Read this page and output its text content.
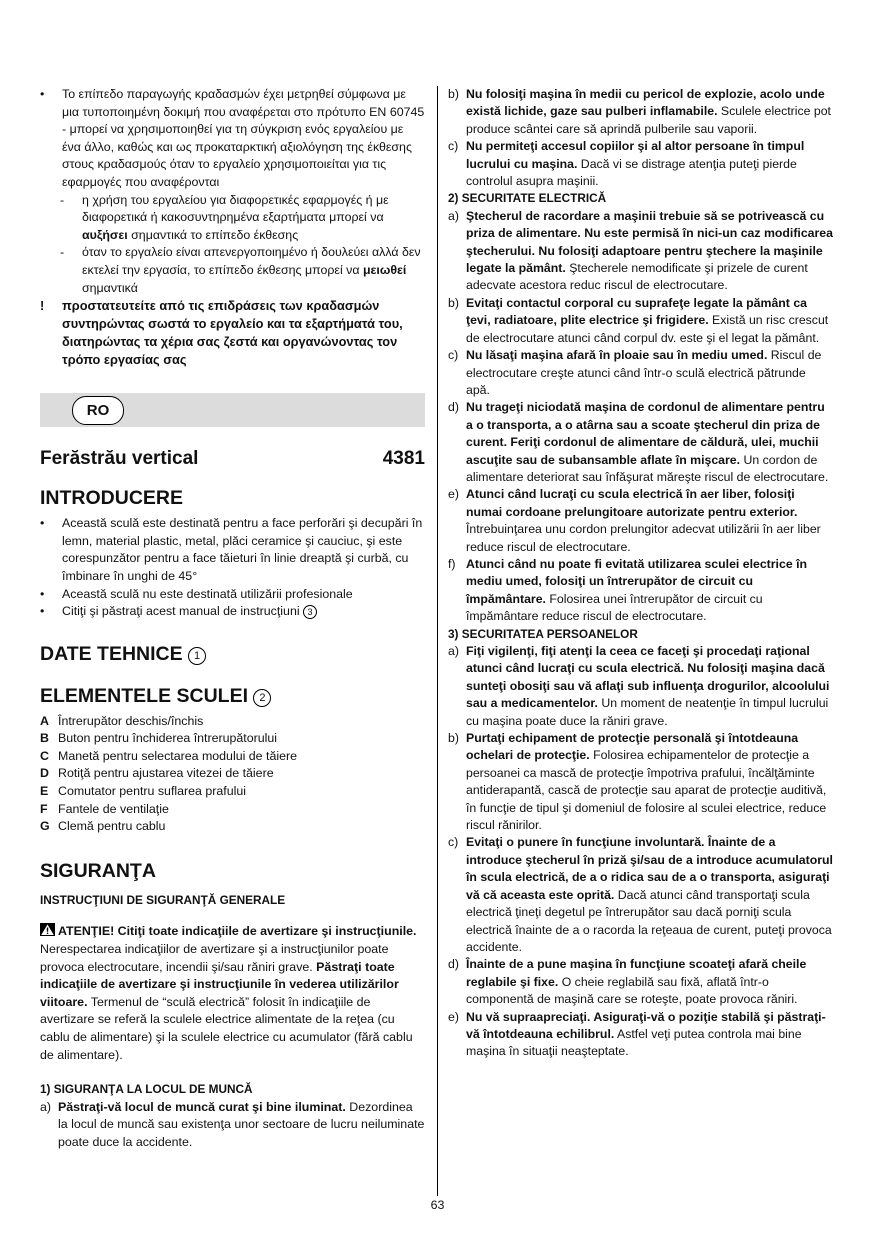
• Το επίπεδο παραγωγής κραδασμών έχει μετρηθεί σύμφωνα με μια τυποποιημένη δοκιμή που αναφέρεται στο πρότυπο EN 60745 - μπορεί να χρησιμοποιηθεί για τη σύγκριση ενός εργαλείου με ένα άλλο, καθώς και ως προκαταρκτική αξιολόγηση της έκθεσης στους κραδασμούς όταν το εργαλείο χρησιμοποιείται για τις εφαρμογές που αναφέρονται

- η χρήση του εργαλείου για διαφορετικές εφαρμογές ή με διαφορετικά ή κακοσυντηρημένα εξαρτήματα μπορεί να αυξήσει σημαντικά το επίπεδο έκθεσης

- όταν το εργαλείο είναι απενεργοποιημένο ή δουλεύει αλλά δεν εκτελεί την εργασία, το επίπεδο έκθεσης μπορεί να μειωθεί σημαντικά

! προστατευτείτε από τις επιδράσεις των κραδασμών συντηρώντας σωστά το εργαλείο και τα εξαρτήματά του, διατηρώντας τα χέρια σας ζεστά και οργανώνοντας τον τρόπο εργασίας σας

RO
Ferăstrău vertical	4381
INTRODUCERE
• Această sculă este destinată pentru a face perforări şi decupări în lemn, material plastic, metal, plăci ceramice şi cauciuc, şi este corespunzător pentru a face tăieturi în linie dreaptă şi curbă, cu îmbinare în unghi de 45°

• Această sculă nu este destinată utilizării profesionale

• Citiţi şi păstraţi acest manual de instrucţiuni 3

DATE TEHNICE 1
ELEMENTELE SCULEI 2
A Întrerupător deschis/închis
B Buton pentru închiderea întrerupătorului
C Manetă pentru selectarea modului de tăiere
D Rotiţă pentru ajustarea vitezei de tăiere
E Comutator pentru suflarea prafului
F Fantele de ventilaţie
G Clemă pentru cablu
SIGURANŢA

INSTRUCŢIUNI DE SIGURANŢĂ GENERALE

ATENŢIE! Citiţi toate indicaţiile de avertizare şi instrucţiunile. Nerespectarea indicaţiilor de avertizare şi a instrucţiunilor poate provoca electrocutare, incendii şi/sau răniri grave. Păstraţi toate indicaţiile de avertizare şi instrucţiunile în vederea utilizărilor viitoare. Termenul de “sculă electrică” folosit în indicaţiile de avertizare se referă la sculele electrice alimentate de la reţea (cu cablu de alimentare) şi la sculele electrice cu acumulator (fără cablu de alimentare).

1) SIGURANŢA LA LOCUL DE MUNCĂ

a) Păstraţi-vă locul de muncă curat şi bine iluminat. Dezordinea la locul de muncă sau existenţa unor sectoare de lucru neiluminate poate duce la accidente.

b) Nu folosiţi maşina în medii cu pericol de explozie, acolo unde există lichide, gaze sau pulberi inflamabile. Sculele electrice pot produce scântei care să aprindă pulberile sau vaporii.

c) Nu permiteţi accesul copiilor şi al altor persoane în timpul lucrului cu maşina. Dacă vi se distrage atenţia puteţi pierde controlul asupra maşinii.

2) SECURITATE ELECTRICĂ

a) Ştecherul de racordare a maşinii trebuie să se potrivească cu priza de alimentare. Nu este permisă în nici-un caz modificarea ştecherului. Nu folosiţi adaptoare pentru ştechere la maşinile legate la pământ. Ştecherele nemodificate şi prizele de curent adecvate acestora reduc riscul de electrocutare.

b) Evitaţi contactul corporal cu suprafeţe legate la pământ ca ţevi, radiatoare, plite electrice şi frigidere. Există un risc crescut de electrocutare atunci când corpul dv. este şi el legat la pământ.

c) Nu lăsaţi maşina afară în ploaie sau în mediu umed. Riscul de electrocutare creşte atunci când într-o sculă electrică pătrunde apă.

d) Nu trageţi niciodată maşina de cordonul de alimentare pentru a o transporta, a o atârna sau a scoate ştecherul din priza de curent. Feriţi cordonul de alimentare de căldură, ulei, muchii ascuţite sau de subansamble aflate în mişcare. Un cordon de alimentare deteriorat sau înfăşurat măreşte riscul de electrocutare.

e) Atunci când lucraţi cu scula electrică în aer liber, folosiţi numai cordoane prelungitoare autorizate pentru exterior. Întrebuinţarea unu cordon prelungitor adecvat utilizării în aer liber reduce riscul de electrocutare.

f) Atunci când nu poate fi evitată utilizarea sculei electrice în mediu umed, folosiţi un întrerupător de circuit cu împământare. Folosirea unei întrerupător de circuit cu împământare reduce riscul de electrocutare.

3) SECURITATEA PERSOANELOR

a) Fiţi vigilenţi, fiţi atenţi la ceea ce faceţi şi procedaţi raţional atunci când lucraţi cu scula electrică. Nu folosiţi maşina dacă sunteţi obosiţi sau vă aflaţi sub influenţa drogurilor, alcoolului sau a medicamentelor. Un moment de neatenţie în timpul lucrului cu maşina poate duce la răniri grave.

b) Purtaţi echipament de protecţie personală şi întotdeauna ochelari de protecţie. Folosirea echipamentelor de protecţie a persoanei ca mască de protecţie împotriva prafului, încălţăminte antiderapantă, cască de protecţie sau aparat de protecţie auditivă, în funcţie de tipul şi domeniul de folosire al sculei electrice, reduce riscul rănirilor.

c) Evitaţi o punere în funcţiune involuntară. Înainte de a introduce ştecherul în priză şi/sau de a introduce acumulatorul în scula electrică, de a o ridica sau de a o transporta, asiguraţi vă că aceasta este oprită. Dacă atunci când transportaţi scula electrică ţineţi degetul pe întrerupător sau dacă porniţi scula electrică înainte de a o racorda la reţeaua de curent, puteţi provoca accidente.

d) Înainte de a pune maşina în funcţiune scoateţi afară cheile reglabile şi fixe. O cheie reglabilă sau fixă, aflată într-o componentă de maşină care se roteşte, poate provoca răniri.

e) Nu vă supraapreciaţi. Asiguraţi-vă o poziţie stabilă şi păstraţi-vă întotdeauna echilibrul. Astfel veţi putea controla mai bine maşina în situaţii neaşteptate.

63
